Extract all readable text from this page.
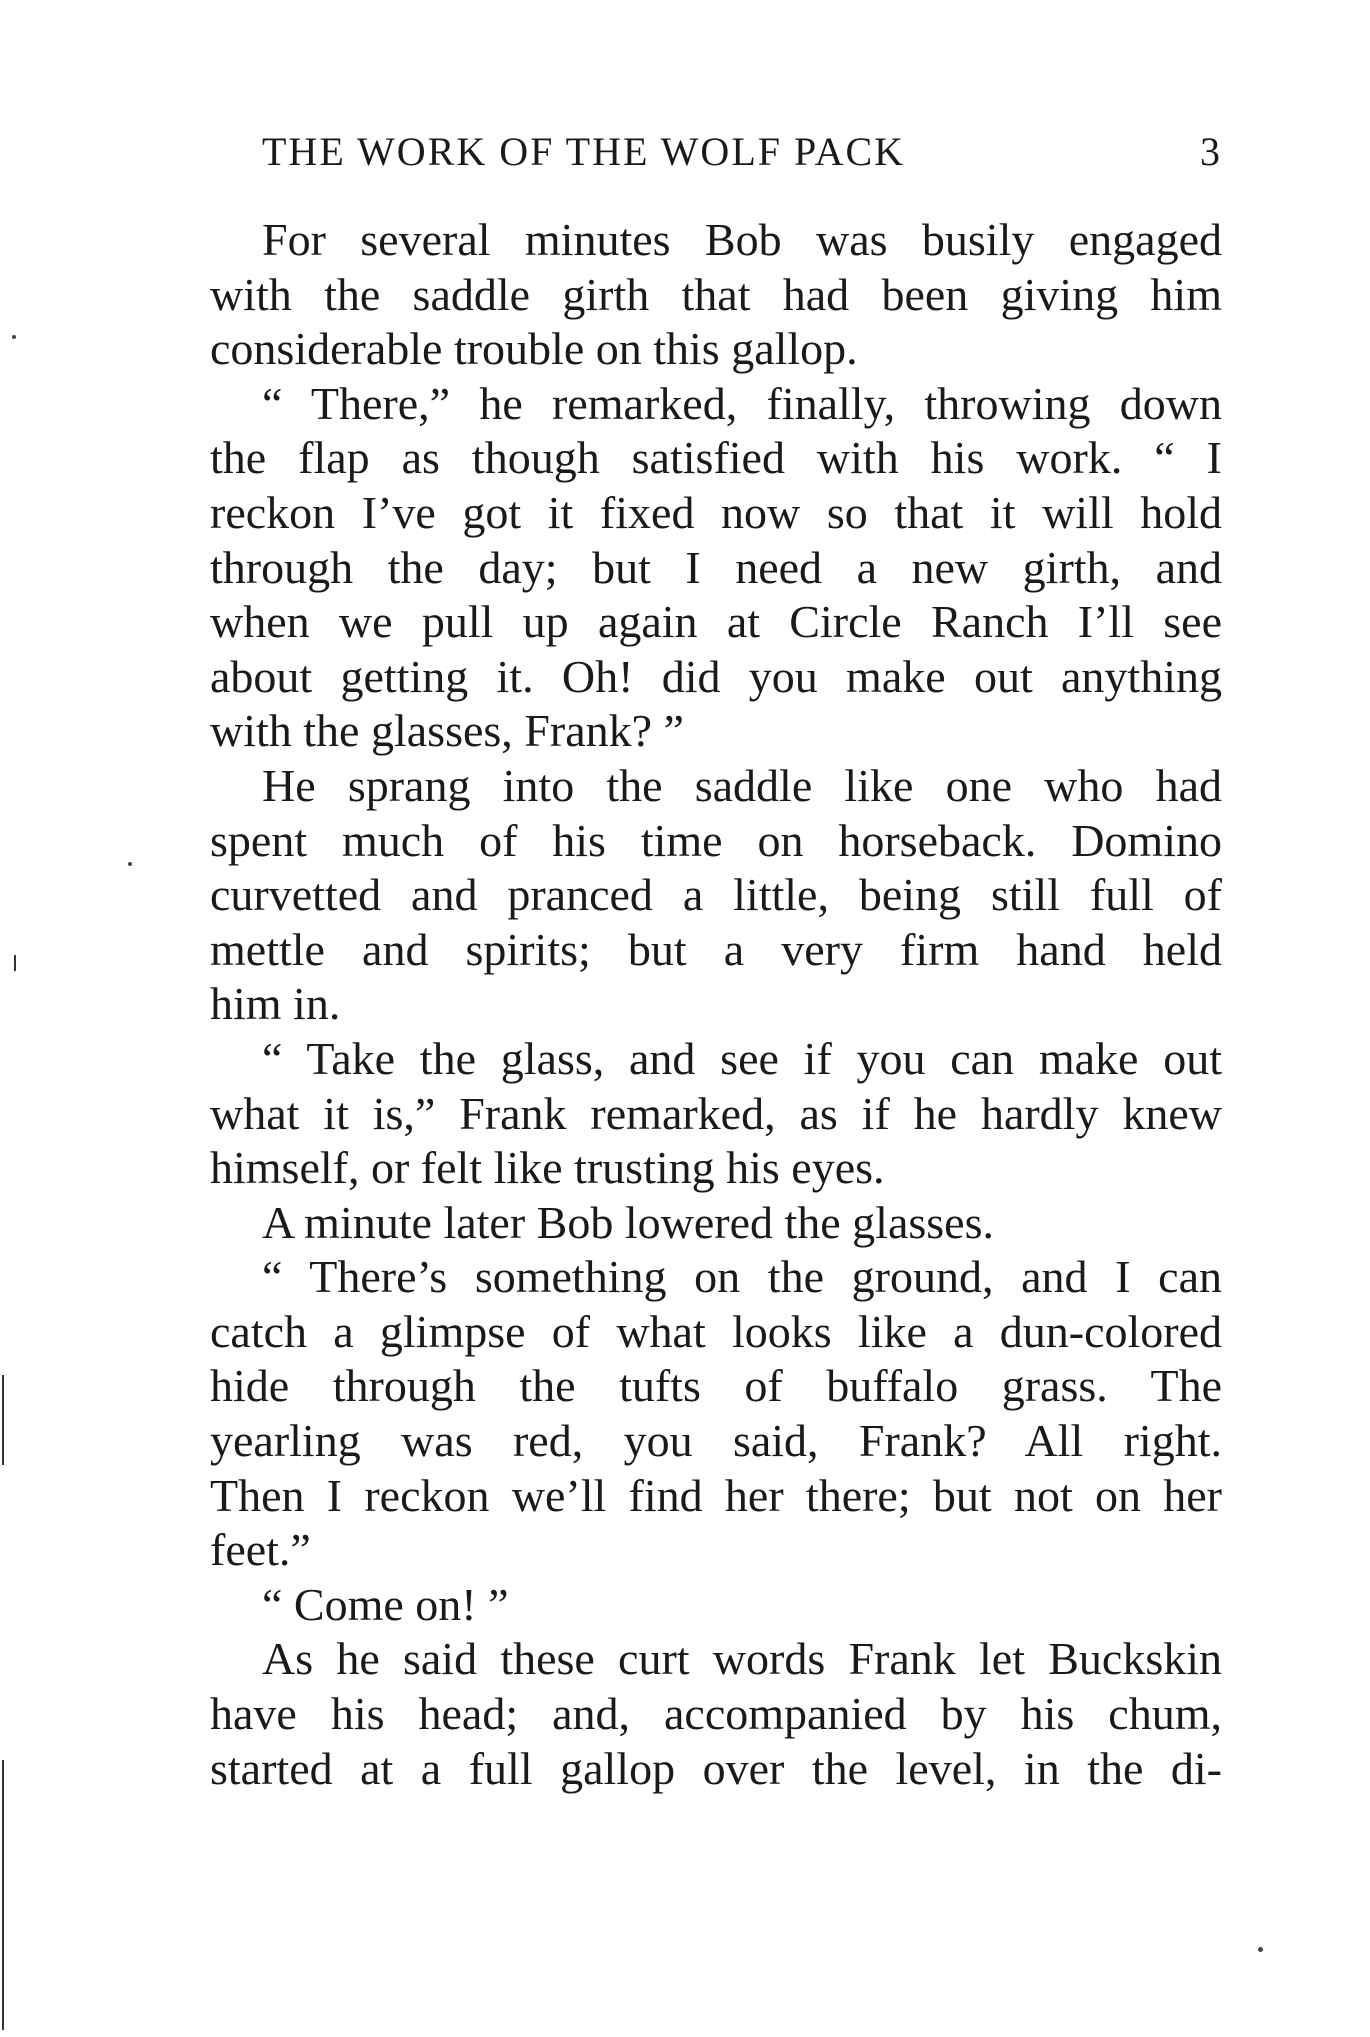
THE WORK OF THE WOLF PACK	3
For several minutes Bob was busily engaged
with the saddle girth that had been giving him
considerable trouble on this gallop.
“ There,” he remarked, finally, throwing down
the flap as though satisfied with his work. “ I
reckon I’ve got it fixed now so that it will hold
through the day; but I need a new girth, and
when we pull up again at Circle Ranch I’ll see
about getting it. Oh! did you make out anything
with the glasses, Frank? ”
He sprang into the saddle like one who had
spent much of his time on horseback. Domino
curvetted and pranced a little, being still full of
mettle and spirits; but a very firm hand held
him in.
“ Take the glass, and see if you can make out
what it is,” Frank remarked, as if he hardly knew
himself, or felt like trusting his eyes.
A minute later Bob lowered the glasses.
“ There’s something on the ground, and I can
catch a glimpse of what looks like a dun-colored
hide through the tufts of buffalo grass. The
yearling was red, you said, Frank? All right.
Then I reckon we’ll find her there; but not on her
feet.”
“ Come on! ”
As he said these curt words Frank let Buckskin
have his head; and, accompanied by his chum,
started at a full gallop over the level, in the di-
